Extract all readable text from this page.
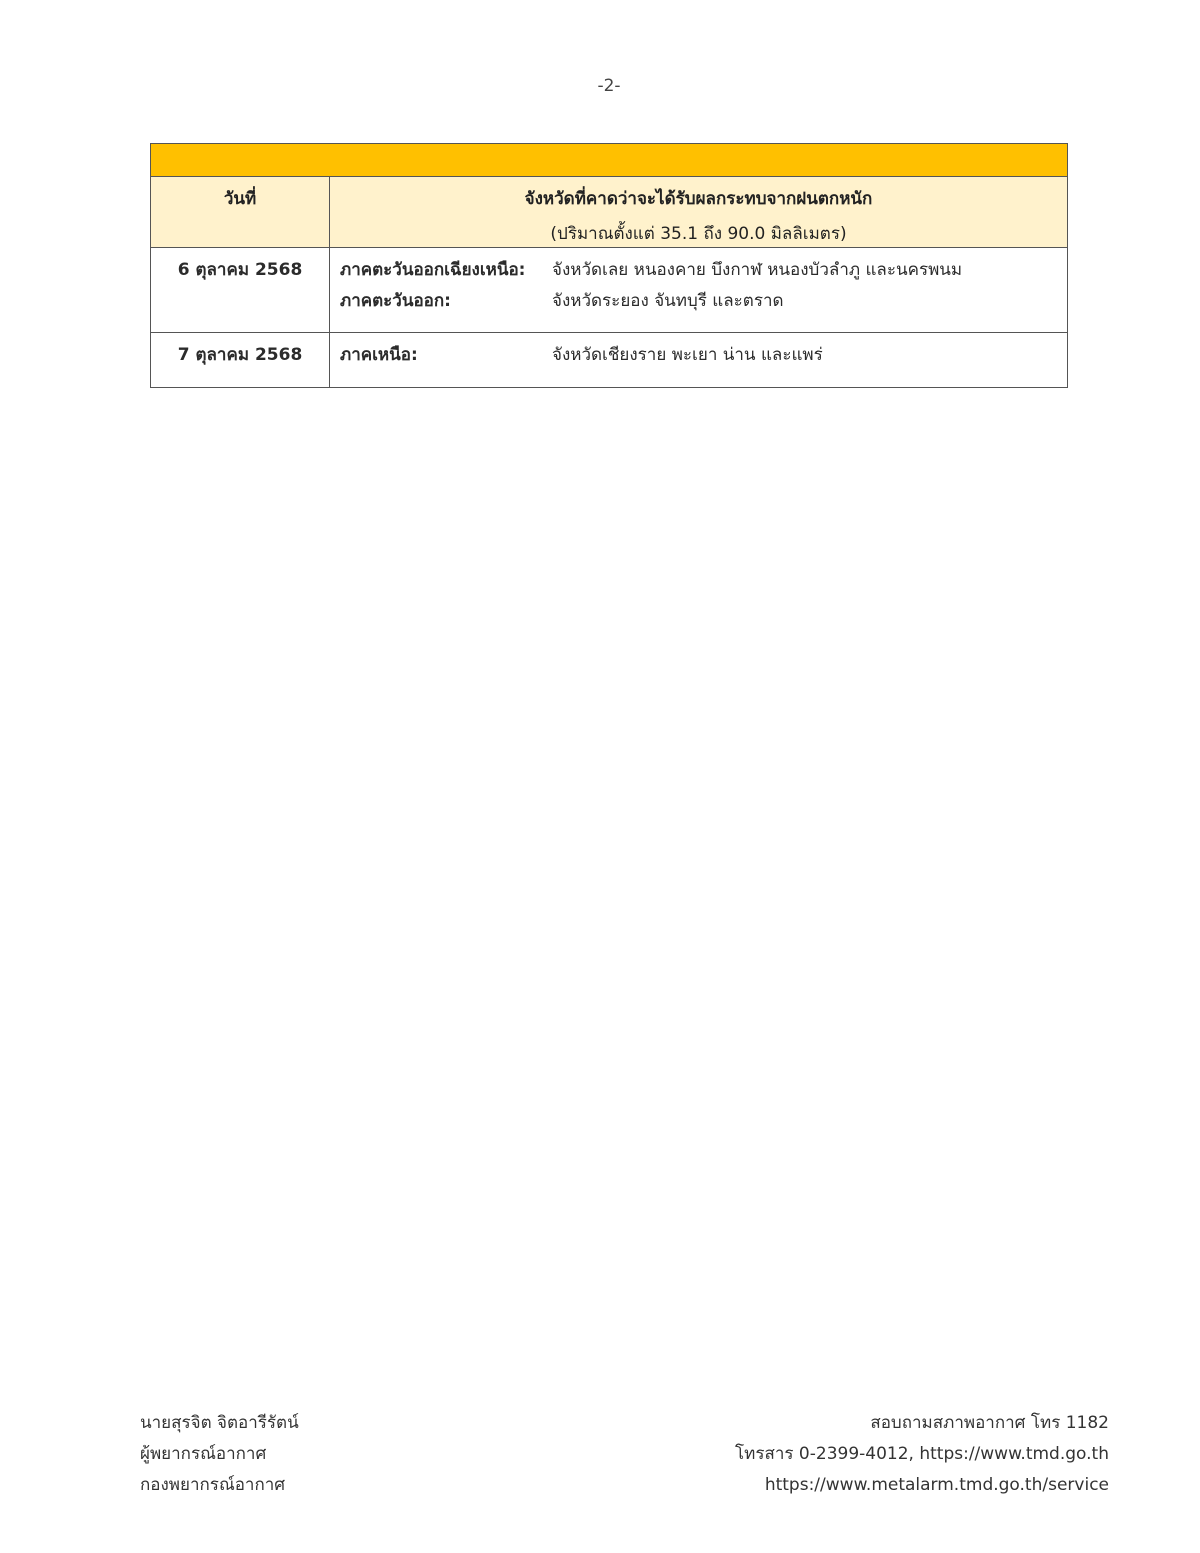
-2-

วันที่	จังหวัดที่คาดว่าจะได้รับผลกระทบจากฝนตกหนัก
(ปริมาณตั้งแต่ 35.1 ถึง 90.0 มิลลิเมตร)

6 ตุลาคม 2568	ภาคตะวันออกเฉียงเหนือ: จังหวัดเลย หนองคาย บึงกาฬ หนองบัวลำภู และนครพนม
ภาคตะวันออก: จังหวัดระยอง จันทบุรี และตราด

7 ตุลาคม 2568	ภาคเหนือ: จังหวัดเชียงราย พะเยา น่าน และแพร่
นายสุรจิต จิตอารีรัตน์
ผู้พยากรณ์อากาศ
กองพยากรณ์อากาศ
สอบถามสภาพอากาศ โทร 1182
โทรสาร 0-2399-4012, https://www.tmd.go.th
https://www.metalarm.tmd.go.th/service
